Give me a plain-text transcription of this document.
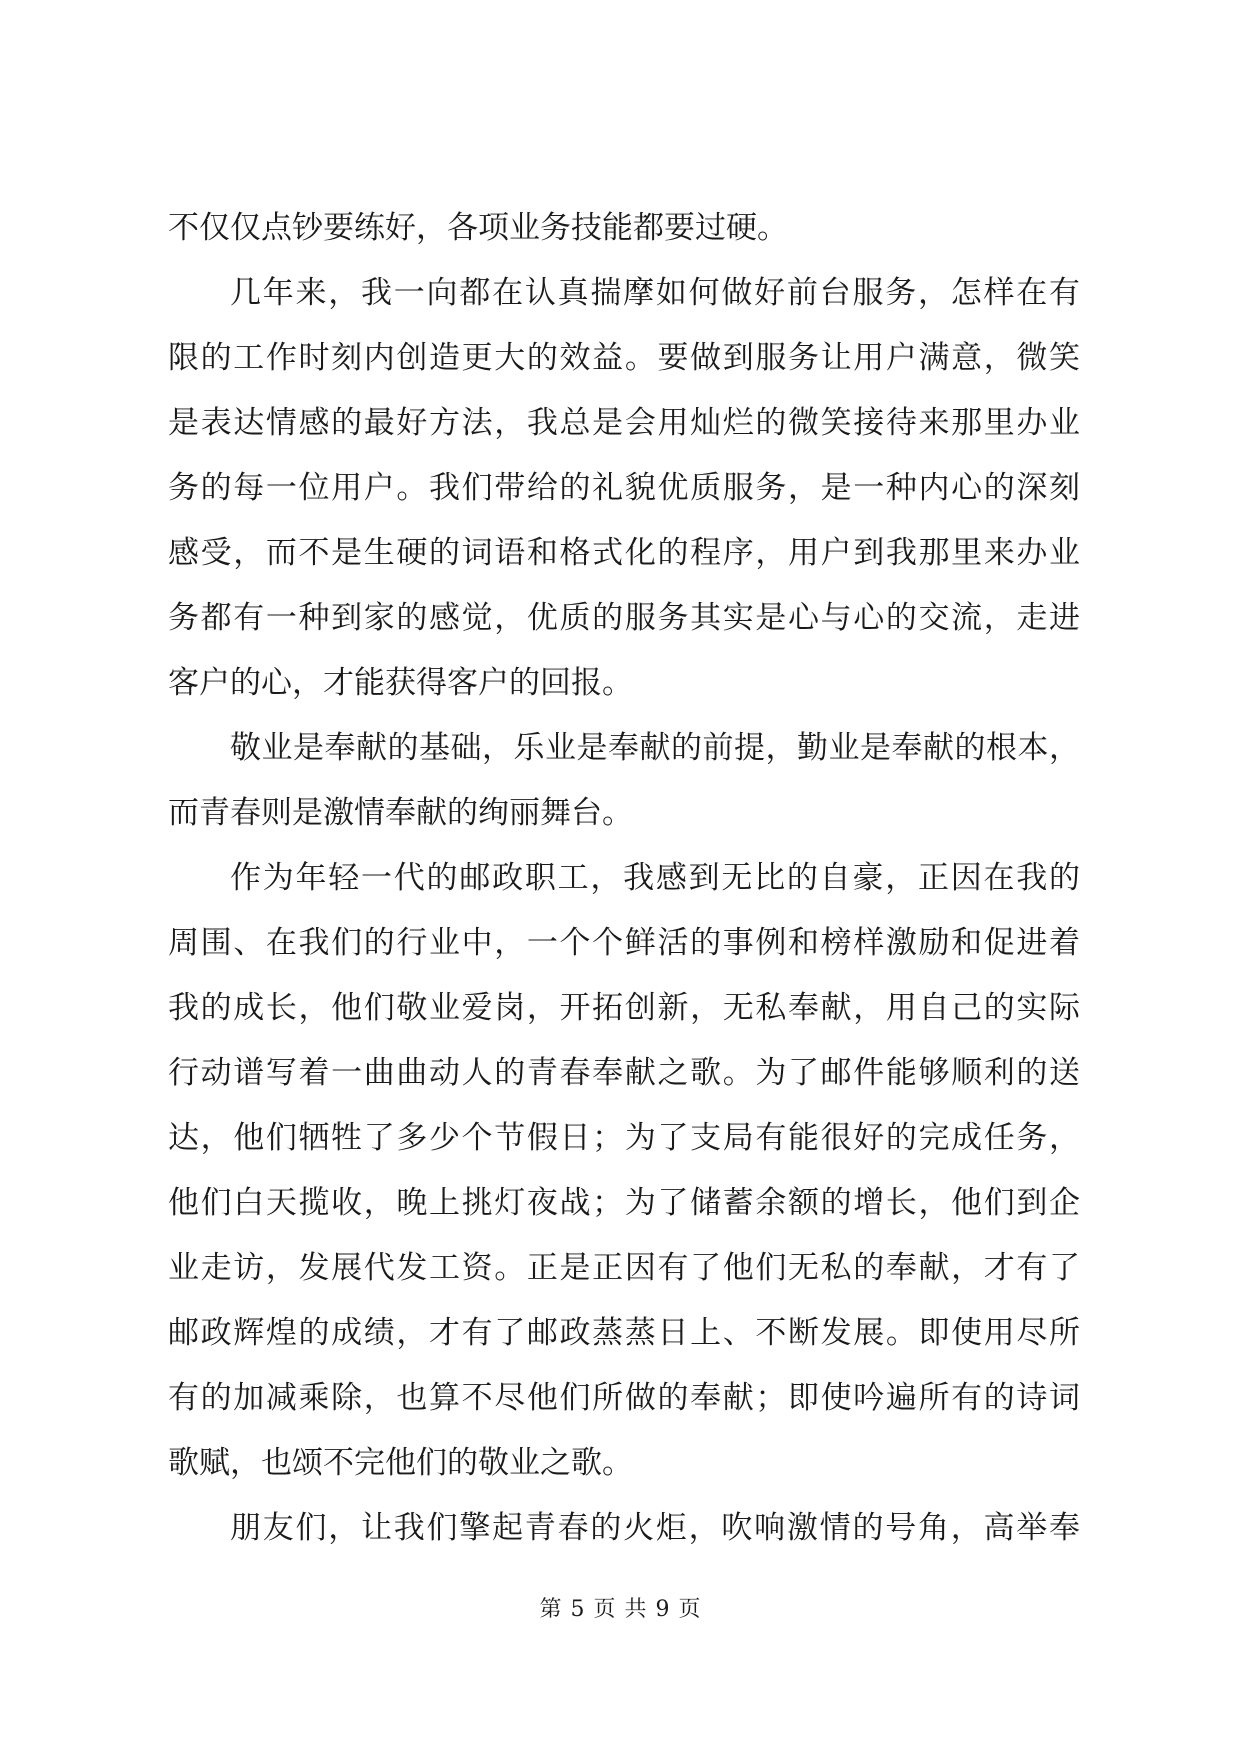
不仅仅点钞要练好，各项业务技能都要过硬。
几年来，我一向都在认真揣摩如何做好前台服务，怎样在有
限的工作时刻内创造更大的效益。要做到服务让用户满意，微笑
是表达情感的最好方法，我总是会用灿烂的微笑接待来那里办业
务的每一位用户。我们带给的礼貌优质服务，是一种内心的深刻
感受，而不是生硬的词语和格式化的程序，用户到我那里来办业
务都有一种到家的感觉，优质的服务其实是心与心的交流，走进
客户的心，才能获得客户的回报。
敬业是奉献的基础，乐业是奉献的前提，勤业是奉献的根本，
而青春则是激情奉献的绚丽舞台。
作为年轻一代的邮政职工，我感到无比的自豪，正因在我的
周围、在我们的行业中，一个个鲜活的事例和榜样激励和促进着
我的成长，他们敬业爱岗，开拓创新，无私奉献，用自己的实际
行动谱写着一曲曲动人的青春奉献之歌。为了邮件能够顺利的送
达，他们牺牲了多少个节假日；为了支局有能很好的完成任务，
他们白天揽收，晚上挑灯夜战；为了储蓄余额的增长，他们到企
业走访，发展代发工资。正是正因有了他们无私的奉献，才有了
邮政辉煌的成绩，才有了邮政蒸蒸日上、不断发展。即使用尽所
有的加减乘除，也算不尽他们所做的奉献；即使吟遍所有的诗词
歌赋，也颂不完他们的敬业之歌。
朋友们，让我们擎起青春的火炬，吹响激情的号角，高举奉
第 5 页 共 9 页
